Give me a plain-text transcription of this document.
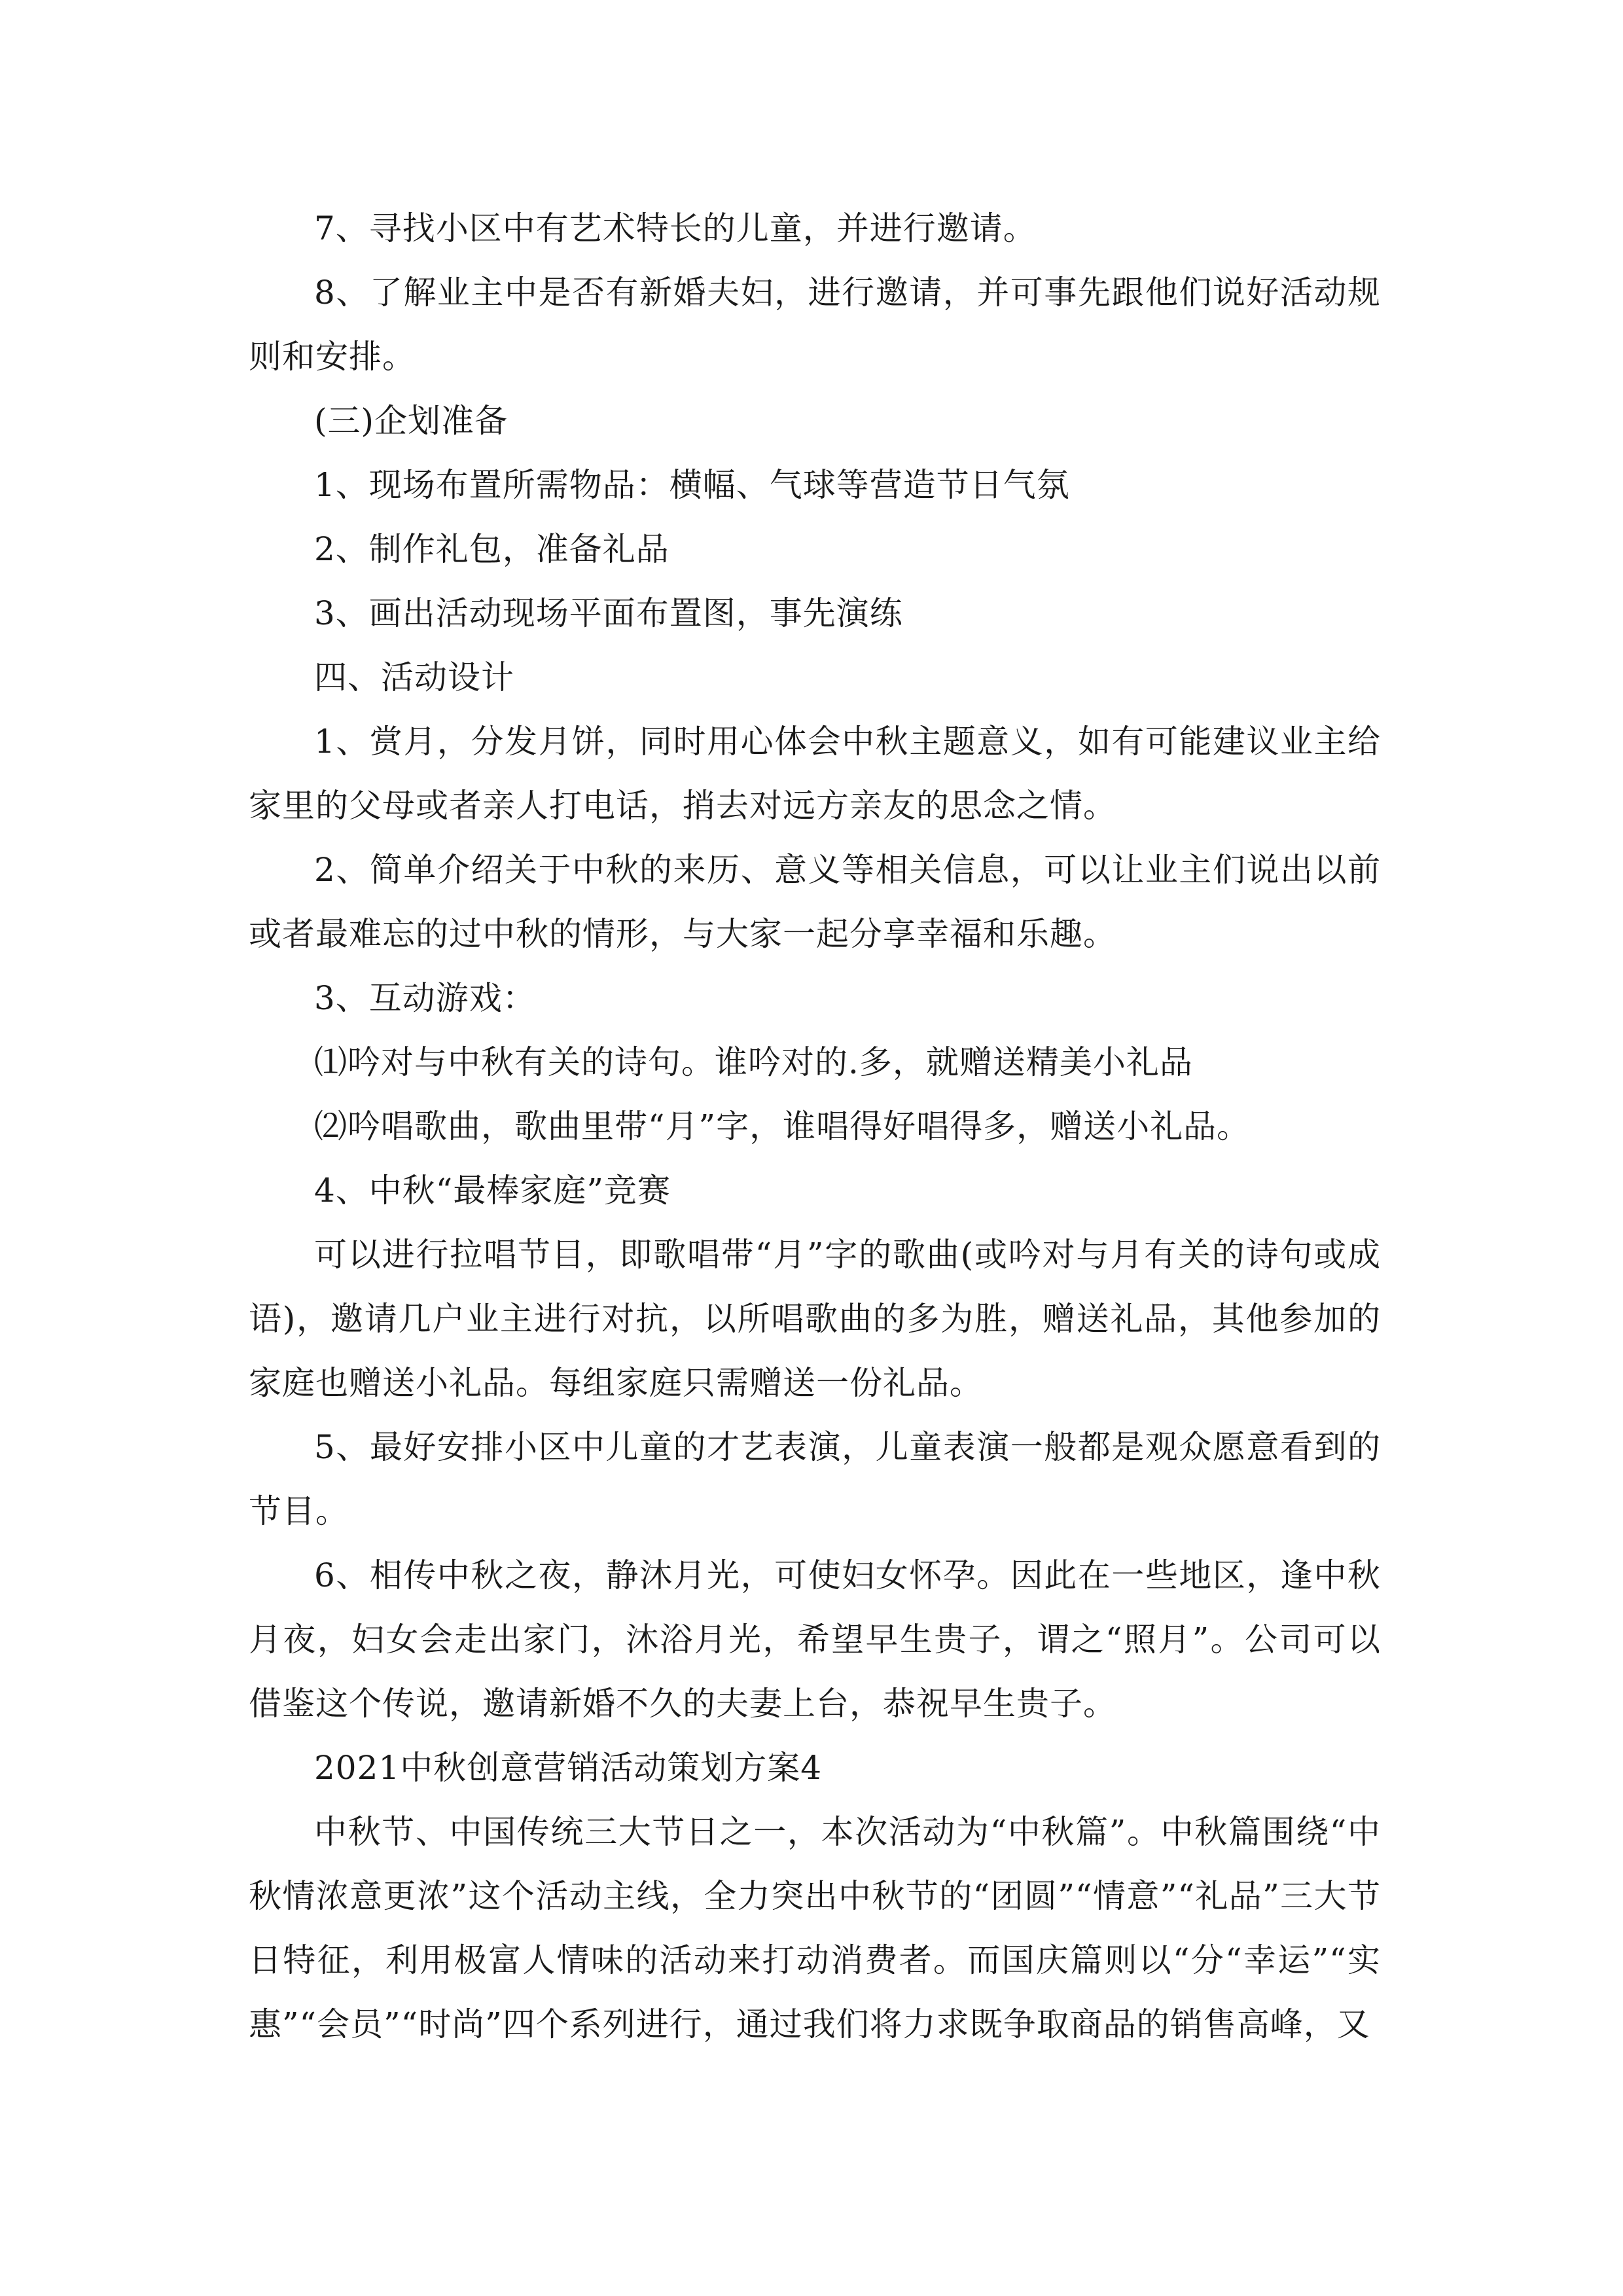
7、寻找小区中有艺术特长的儿童，并进行邀请。

8、了解业主中是否有新婚夫妇，进行邀请，并可事先跟他们说好活动规则和安排。

(三)企划准备

1、现场布置所需物品：横幅、气球等营造节日气氛

2、制作礼包，准备礼品

3、画出活动现场平面布置图，事先演练

四、活动设计

1、赏月，分发月饼，同时用心体会中秋主题意义，如有可能建议业主给家里的父母或者亲人打电话，捎去对远方亲友的思念之情。

2、简单介绍关于中秋的来历、意义等相关信息，可以让业主们说出以前或者最难忘的过中秋的情形，与大家一起分享幸福和乐趣。

3、互动游戏：

⑴吟对与中秋有关的诗句。谁吟对的.多，就赠送精美小礼品

⑵吟唱歌曲，歌曲里带“月”字，谁唱得好唱得多，赠送小礼品。

4、中秋“最棒家庭”竞赛

可以进行拉唱节目，即歌唱带“月”字的歌曲(或吟对与月有关的诗句或成语)，邀请几户业主进行对抗，以所唱歌曲的多为胜，赠送礼品，其他参加的家庭也赠送小礼品。每组家庭只需赠送一份礼品。

5、最好安排小区中儿童的才艺表演，儿童表演一般都是观众愿意看到的节目。

6、相传中秋之夜，静沐月光，可使妇女怀孕。因此在一些地区，逢中秋月夜，妇女会走出家门，沐浴月光，希望早生贵子，谓之“照月”。公司可以借鉴这个传说，邀请新婚不久的夫妻上台，恭祝早生贵子。

2021中秋创意营销活动策划方案4

中秋节、中国传统三大节日之一，本次活动为“中秋篇”。中秋篇围绕“中秋情浓意更浓”这个活动主线，全力突出中秋节的“团圆”“情意”“礼品”三大节日特征，利用极富人情味的活动来打动消费者。而国庆篇则以“分“幸运”“实惠”“会员”“时尚”四个系列进行，通过我们将力求既争取商品的销售高峰，又
